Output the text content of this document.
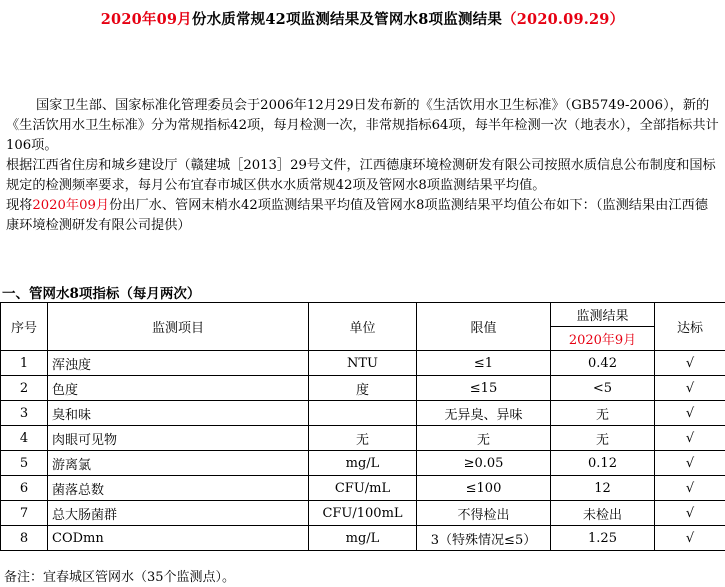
2020年09月份水质常规42项监测结果及管网水8项监测结果（2020.09.29）

国家卫生部、国家标准化管理委员会于2006年12月29日发布新的《生活饮用水卫生标准》（GB5749-2006），新的《生活饮用水卫生标准》分为常规指标42项，每月检测一次，非常规指标64项，每半年检测一次（地表水），全部指标共计106项。

根据江西省住房和城乡建设厅（赣建城［2013］29号文件，江西德康环境检测研发有限公司按照水质信息公布制度和国标规定的检测频率要求，每月公布宜春市城区供水水质常规42项及管网水8项监测结果平均值。

现将2020年09月份出厂水、管网末梢水42项监测结果平均值及管网水8项监测结果平均值公布如下：（监测结果由江西德康环境检测研发有限公司提供）

一、管网水8项指标（每月两次）
序号	监测项目	单位	限值	监测结果	达标
				2020年9月	
1	浑浊度	NTU	≤1	0.42	√
2	色度	度	≤15	<5	√
3	臭和味		无异臭、异味	无	√
4	肉眼可见物	无	无	无	√
5	游离氯	mg/L	≥0.05	0.12	√
6	菌落总数	CFU/mL	≤100	12	√
7	总大肠菌群	CFU/100mL	不得检出	未检出	√
8	CODmn	mg/L	3（特殊情况≤5）	1.25	√
备注：宜春城区管网水（35个监测点）。
